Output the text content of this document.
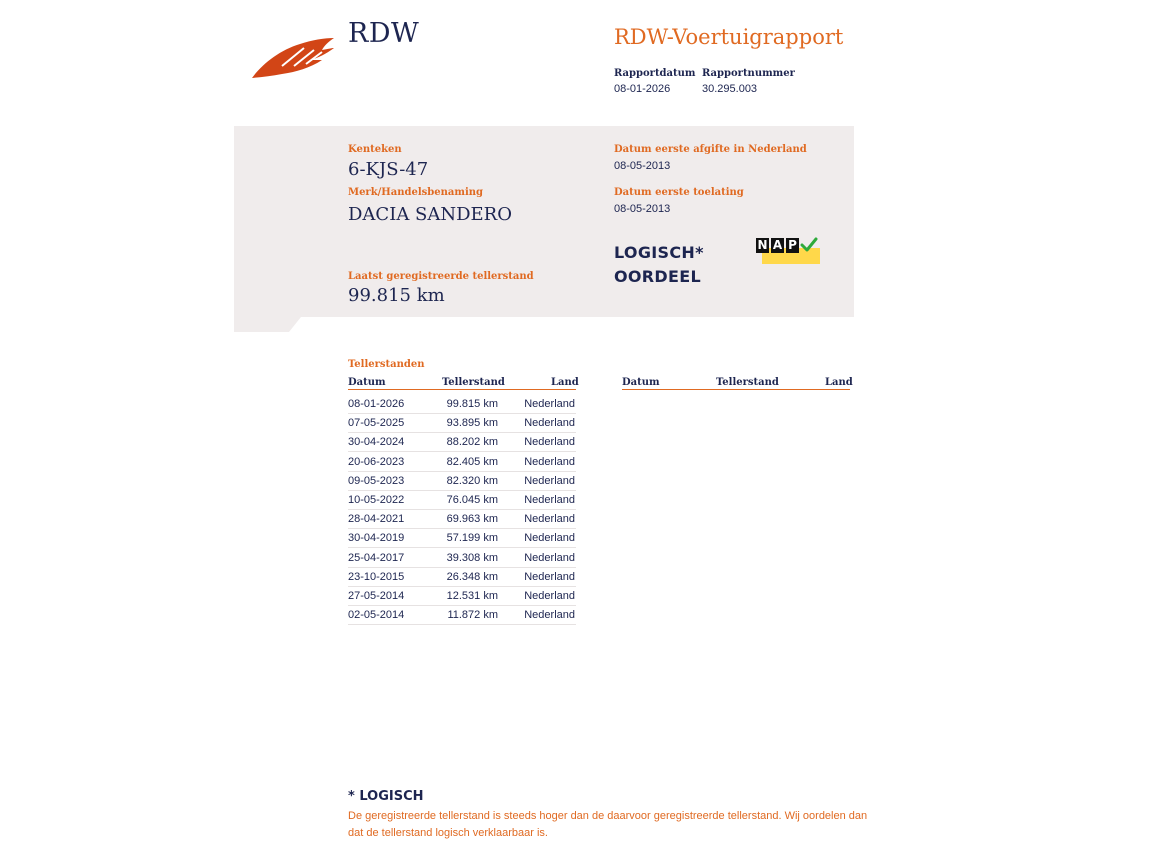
RDW	RDW-Voertuigrapport
Rapportdatum
08-01-2026
Rapportnummer
30.295.003
Kenteken
6-KJS-47
Merk/Handelsbenaming
DACIA SANDERO
Laatst geregistreerde tellerstand
99.815 km
Datum eerste afgifte in Nederland
08-05-2013
Datum eerste toelating
08-05-2013
LOGISCH*
OORDEEL
N A P
Tellerstanden
Datum	Tellerstand	Land	Datum	Tellerstand	Land
08-01-2026	99.815 km Nederland
07-05-2025	93.895 km Nederland
30-04-2024	88.202 km Nederland
20-06-2023	82.405 km Nederland
09-05-2023	82.320 km Nederland
10-05-2022	76.045 km Nederland
28-04-2021	69.963 km Nederland
30-04-2019	57.199 km Nederland
25-04-2017	39.308 km Nederland
23-10-2015	26.348 km Nederland
27-05-2014	12.531 km Nederland
02-05-2014	11.872 km Nederland
* LOGISCH
De geregistreerde tellerstand is steeds hoger dan de daarvoor geregistreerde tellerstand. Wij oordelen dan dat de tellerstand logisch verklaarbaar is.
